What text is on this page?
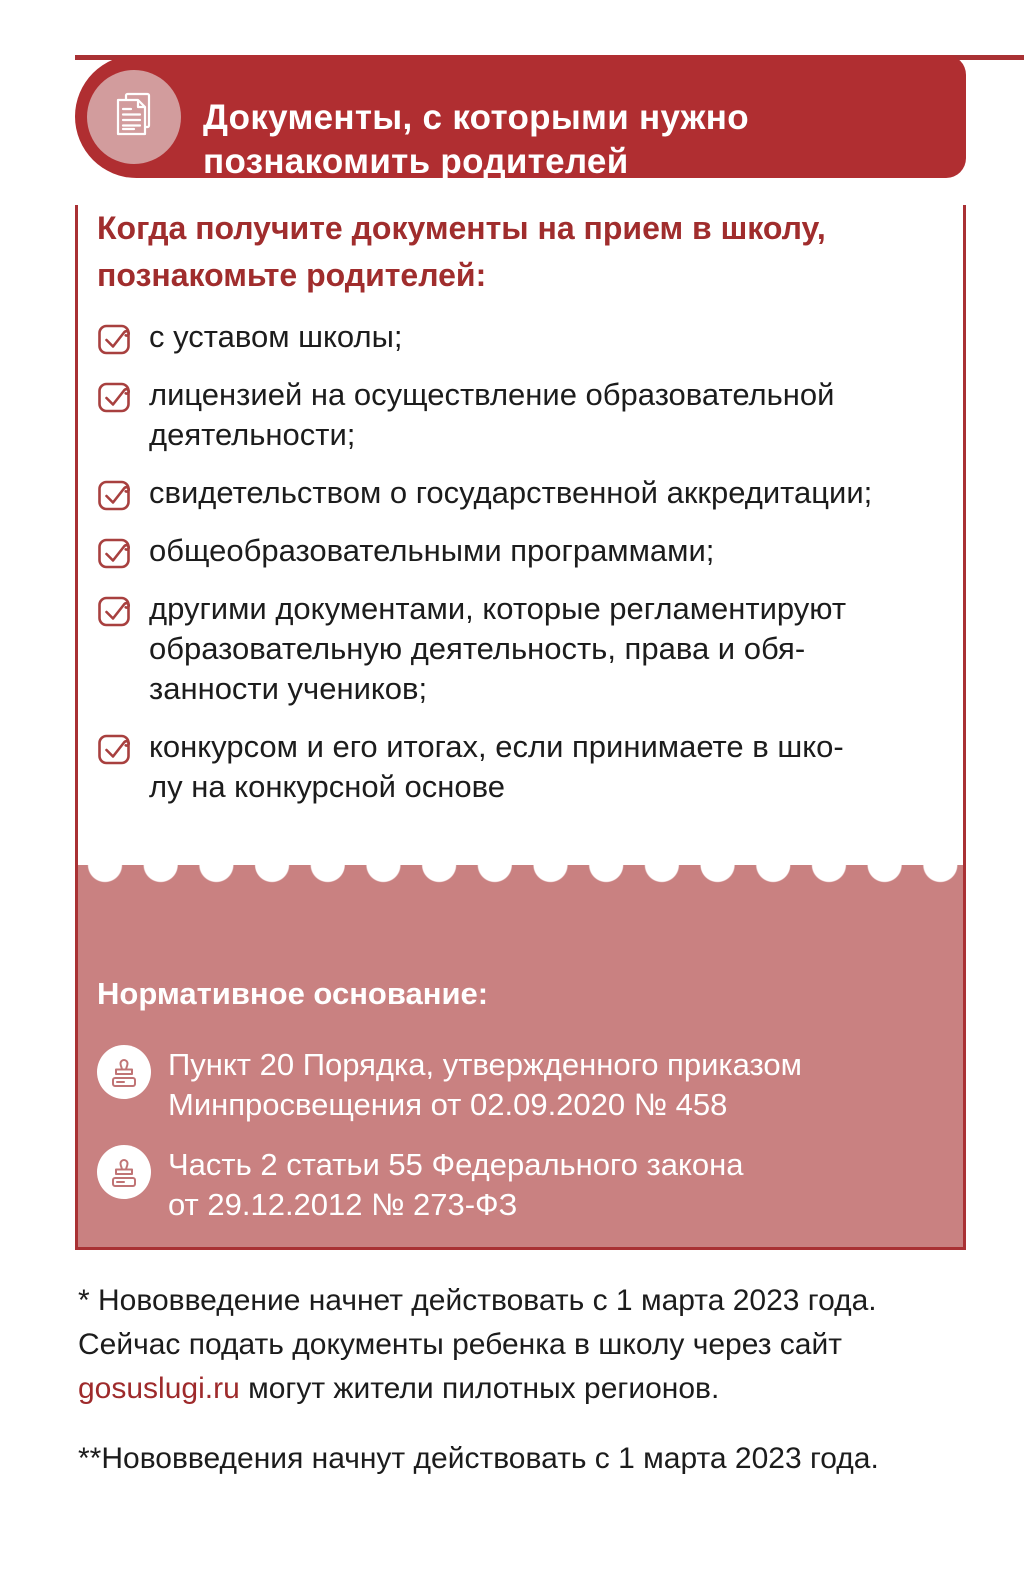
Документы, с которыми нужно
познакомить родителей

Когда получите документы на прием в школу,
познакомьте родителей:

с уставом школы;
лицензией на осуществление образовательной
деятельности;
свидетельством о государственной аккредитации;
общеобразовательными программами;
другими документами, которые регламентируют
образовательную деятельность, права и обя-
занности учеников;
конкурсом и его итогах, если принимаете в шко-
лу на конкурсной основе

Нормативное основание:

Пункт 20 Порядка, утвержденного приказом
Минпросвещения от 02.09.2020 № 458
Часть 2 статьи 55 Федерального закона
от 29.12.2012 № 273-ФЗ

* Нововведение начнет действовать с 1 марта 2023 года.
Сейчас подать документы ребенка в школу через сайт
gosuslugi.ru могут жители пилотных регионов.

**Нововведения начнут действовать с 1 марта 2023 года.
